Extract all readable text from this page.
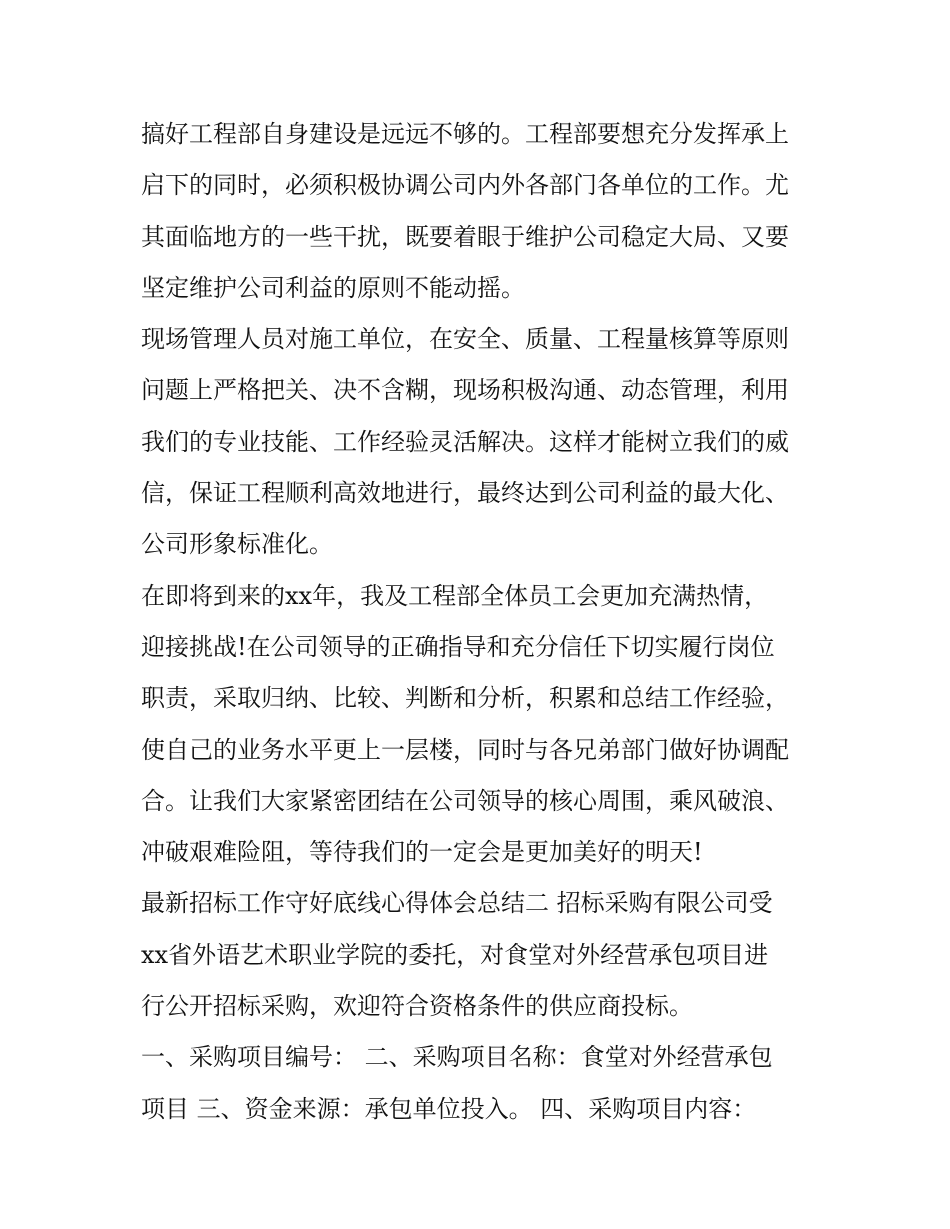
搞好工程部自身建设是远远不够的。工程部要想充分发挥承上
启下的同时，必须积极协调公司内外各部门各单位的工作。尤
其面临地方的一些干扰，既要着眼于维护公司稳定大局、又要
坚定维护公司利益的原则不能动摇。
现场管理人员对施工单位，在安全、质量、工程量核算等原则
问题上严格把关、决不含糊，现场积极沟通、动态管理，利用
我们的专业技能、工作经验灵活解决。这样才能树立我们的威
信，保证工程顺利高效地进行，最终达到公司利益的最大化、
公司形象标准化。
在即将到来的xx年，我及工程部全体员工会更加充满热情，
迎接挑战!在公司领导的正确指导和充分信任下切实履行岗位
职责，采取归纳、比较、判断和分析，积累和总结工作经验，
使自己的业务水平更上一层楼，同时与各兄弟部门做好协调配
合。让我们大家紧密团结在公司领导的核心周围，乘风破浪、
冲破艰难险阻，等待我们的一定会是更加美好的明天!
最新招标工作守好底线心得体会总结二 招标采购有限公司受
xx省外语艺术职业学院的委托，对食堂对外经营承包项目进
行公开招标采购，欢迎符合资格条件的供应商投标。
一、采购项目编号： 二、采购项目名称：食堂对外经营承包
项目 三、资金来源：承包单位投入。 四、采购项目内容：
